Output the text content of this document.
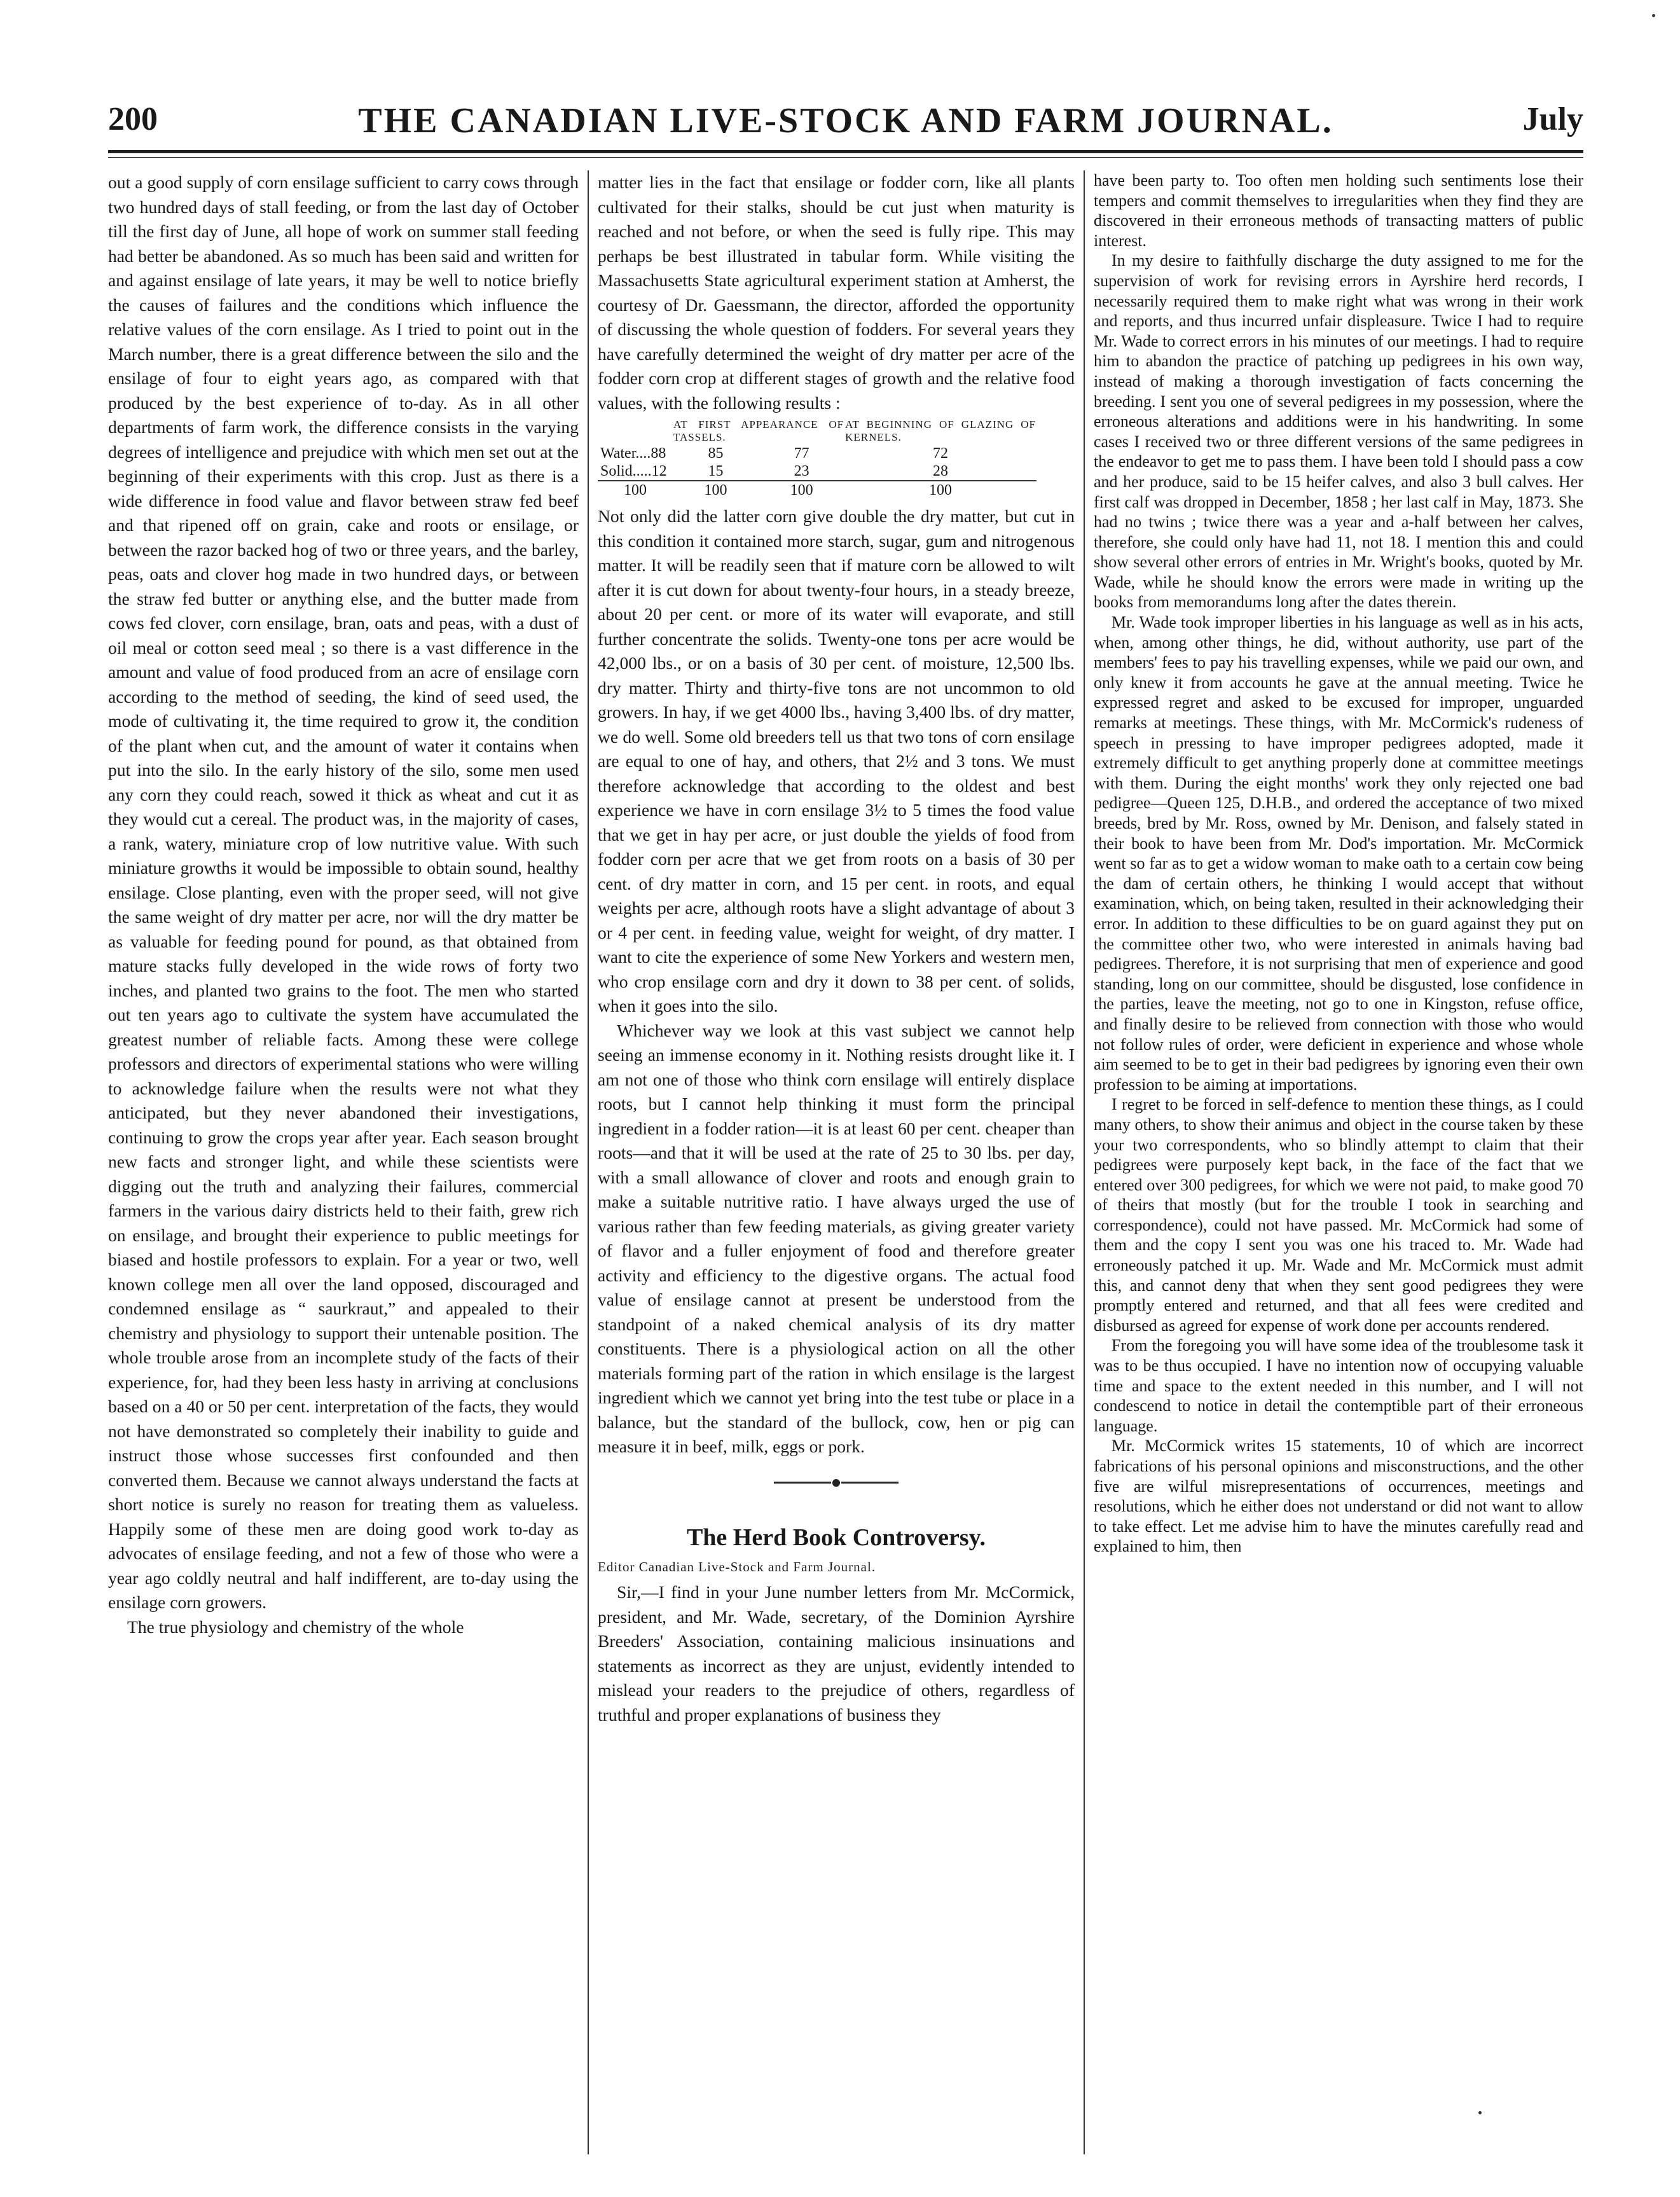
200	THE CANADIAN LIVE-STOCK AND FARM JOURNAL.	July

out a good supply of corn ensilage sufficient to carry cows through two hundred days of stall feeding, or from the last day of October till the first day of June, all hope of work on summer stall feeding had better be abandoned. As so much has been said and written for and against ensilage of late years, it may be well to notice briefly the causes of failures and the conditions which influence the relative values of the corn ensilage. As I tried to point out in the March number, there is a great difference between the silo and the ensilage of four to eight years ago, as compared with that produced by the best experience of to-day. As in all other departments of farm work, the difference consists in the varying degrees of intelligence and prejudice with which men set out at the beginning of their experiments with this crop. Just as there is a wide difference in food value and flavor between straw fed beef and that ripened off on grain, cake and roots or ensilage, or between the razor backed hog of two or three years, and the barley, peas, oats and clover hog made in two hundred days, or between the straw fed butter or anything else, and the butter made from cows fed clover, corn ensilage, bran, oats and peas, with a dust of oil meal or cotton seed meal ; so there is a vast difference in the amount and value of food produced from an acre of ensilage corn according to the method of seeding, the kind of seed used, the mode of cultivating it, the time required to grow it, the condition of the plant when cut, and the amount of water it contains when put into the silo. In the early history of the silo, some men used any corn they could reach, sowed it thick as wheat and cut it as they would cut a cereal. The product was, in the majority of cases, a rank, watery, miniature crop of low nutritive value. With such miniature growths it would be impossible to obtain sound, healthy ensilage. Close planting, even with the proper seed, will not give the same weight of dry matter per acre, nor will the dry matter be as valuable for feeding pound for pound, as that obtained from mature stacks fully developed in the wide rows of forty two inches, and planted two grains to the foot. The men who started out ten years ago to cultivate the system have accumulated the greatest number of reliable facts. Among these were college professors and directors of experimental stations who were willing to acknowledge failure when the results were not what they anticipated, but they never abandoned their investigations, continuing to grow the crops year after year. Each season brought new facts and stronger light, and while these scientists were digging out the truth and analyzing their failures, commercial farmers in the various dairy districts held to their faith, grew rich on ensilage, and brought their experience to public meetings for biased and hostile professors to explain. For a year or two, well known college men all over the land opposed, discouraged and condemned ensilage as “ saurkraut,” and appealed to their chemistry and physiology to support their untenable position. The whole trouble arose from an incomplete study of the facts of their experience, for, had they been less hasty in arriving at conclusions based on a 40 or 50 per cent. interpretation of the facts, they would not have demonstrated so completely their inability to guide and instruct those whose successes first confounded and then converted them. Because we cannot always understand the facts at short notice is surely no reason for treating them as valueless. Happily some of these men are doing good work to-day as advocates of ensilage feeding, and not a few of those who were a year ago coldly neutral and half indifferent, are to-day using the ensilage corn growers.

The true physiology and chemistry of the whole

matter lies in the fact that ensilage or fodder corn, like all plants cultivated for their stalks, should be cut just when maturity is reached and not before, or when the seed is fully ripe. This may perhaps be best illustrated in tabular form. While visiting the Massachusetts State agricultural experiment station at Amherst, the courtesy of Dr. Gaessmann, the director, afforded the opportunity of discussing the whole question of fodders. For several years they have carefully determined the weight of dry matter per acre of the fodder corn crop at different stages of growth and the relative food values, with the following results :

	AT FIRST APPEARANCE OF TASSELS.		AT BEGINNING OF GLAZING OF KERNELS.
Water....88	85	77	72
Solid.....12	15	23	28
100	100	100	100

Not only did the latter corn give double the dry matter, but cut in this condition it contained more starch, sugar, gum and nitrogenous matter. It will be readily seen that if mature corn be allowed to wilt after it is cut down for about twenty-four hours, in a steady breeze, about 20 per cent. or more of its water will evaporate, and still further concentrate the solids. Twenty-one tons per acre would be 42,000 lbs., or on a basis of 30 per cent. of moisture, 12,500 lbs. dry matter. Thirty and thirty-five tons are not uncommon to old growers. In hay, if we get 4000 lbs., having 3,400 lbs. of dry matter, we do well. Some old breeders tell us that two tons of corn ensilage are equal to one of hay, and others, that 2½ and 3 tons. We must therefore acknowledge that according to the oldest and best experience we have in corn ensilage 3½ to 5 times the food value that we get in hay per acre, or just double the yields of food from fodder corn per acre that we get from roots on a basis of 30 per cent. of dry matter in corn, and 15 per cent. in roots, and equal weights per acre, although roots have a slight advantage of about 3 or 4 per cent. in feeding value, weight for weight, of dry matter. I want to cite the experience of some New Yorkers and western men, who crop ensilage corn and dry it down to 38 per cent. of solids, when it goes into the silo.

Whichever way we look at this vast subject we cannot help seeing an immense economy in it. Nothing resists drought like it. I am not one of those who think corn ensilage will entirely displace roots, but I cannot help thinking it must form the principal ingredient in a fodder ration—it is at least 60 per cent. cheaper than roots—and that it will be used at the rate of 25 to 30 lbs. per day, with a small allowance of clover and roots and enough grain to make a suitable nutritive ratio. I have always urged the use of various rather than few feeding materials, as giving greater variety of flavor and a fuller enjoyment of food and therefore greater activity and efficiency to the digestive organs. The actual food value of ensilage cannot at present be understood from the standpoint of a naked chemical analysis of its dry matter constituents. There is a physiological action on all the other materials forming part of the ration in which ensilage is the largest ingredient which we cannot yet bring into the test tube or place in a balance, but the standard of the bullock, cow, hen or pig can measure it in beef, milk, eggs or pork.

The Herd Book Controversy.

Editor Canadian Live-Stock and Farm Journal.

Sir,—I find in your June number letters from Mr. McCormick, president, and Mr. Wade, secretary, of the Dominion Ayrshire Breeders' Association, containing malicious insinuations and statements as incorrect as they are unjust, evidently intended to mislead your readers to the prejudice of others, regardless of truthful and proper explanations of business they

have been party to. Too often men holding such sentiments lose their tempers and commit themselves to irregularities when they find they are discovered in their erroneous methods of transacting matters of public interest.

In my desire to faithfully discharge the duty assigned to me for the supervision of work for revising errors in Ayrshire herd records, I necessarily required them to make right what was wrong in their work and reports, and thus incurred unfair displeasure. Twice I had to require Mr. Wade to correct errors in his minutes of our meetings. I had to require him to abandon the practice of patching up pedigrees in his own way, instead of making a thorough investigation of facts concerning the breeding. I sent you one of several pedigrees in my possession, where the erroneous alterations and additions were in his handwriting. In some cases I received two or three different versions of the same pedigrees in the endeavor to get me to pass them. I have been told I should pass a cow and her produce, said to be 15 heifer calves, and also 3 bull calves. Her first calf was dropped in December, 1858 ; her last calf in May, 1873. She had no twins ; twice there was a year and a-half between her calves, therefore, she could only have had 11, not 18. I mention this and could show several other errors of entries in Mr. Wright's books, quoted by Mr. Wade, while he should know the errors were made in writing up the books from memorandums long after the dates therein.

Mr. Wade took improper liberties in his language as well as in his acts, when, among other things, he did, without authority, use part of the members' fees to pay his travelling expenses, while we paid our own, and only knew it from accounts he gave at the annual meeting. Twice he expressed regret and asked to be excused for improper, unguarded remarks at meetings. These things, with Mr. McCormick's rudeness of speech in pressing to have improper pedigrees adopted, made it extremely difficult to get anything properly done at committee meetings with them. During the eight months' work they only rejected one bad pedigree—Queen 125, D.H.B., and ordered the acceptance of two mixed breeds, bred by Mr. Ross, owned by Mr. Denison, and falsely stated in their book to have been from Mr. Dod's importation. Mr. McCormick went so far as to get a widow woman to make oath to a certain cow being the dam of certain others, he thinking I would accept that without examination, which, on being taken, resulted in their acknowledging their error. In addition to these difficulties to be on guard against they put on the committee other two, who were interested in animals having bad pedigrees. Therefore, it is not surprising that men of experience and good standing, long on our committee, should be disgusted, lose confidence in the parties, leave the meeting, not go to one in Kingston, refuse office, and finally desire to be relieved from connection with those who would not follow rules of order, were deficient in experience and whose whole aim seemed to be to get in their bad pedigrees by ignoring even their own profession to be aiming at importations.

I regret to be forced in self-defence to mention these things, as I could many others, to show their animus and object in the course taken by these your two correspondents, who so blindly attempt to claim that their pedigrees were purposely kept back, in the face of the fact that we entered over 300 pedigrees, for which we were not paid, to make good 70 of theirs that mostly (but for the trouble I took in searching and correspondence), could not have passed. Mr. McCormick had some of them and the copy I sent you was one his traced to. Mr. Wade had erroneously patched it up. Mr. Wade and Mr. McCormick must admit this, and cannot deny that when they sent good pedigrees they were promptly entered and returned, and that all fees were credited and disbursed as agreed for expense of work done per accounts rendered.

From the foregoing you will have some idea of the troublesome task it was to be thus occupied. I have no intention now of occupying valuable time and space to the extent needed in this number, and I will not condescend to notice in detail the contemptible part of their erroneous language.

Mr. McCormick writes 15 statements, 10 of which are incorrect fabrications of his personal opinions and misconstructions, and the other five are wilful misrepresentations of occurrences, meetings and resolutions, which he either does not understand or did not want to allow to take effect. Let me advise him to have the minutes carefully read and explained to him, then
